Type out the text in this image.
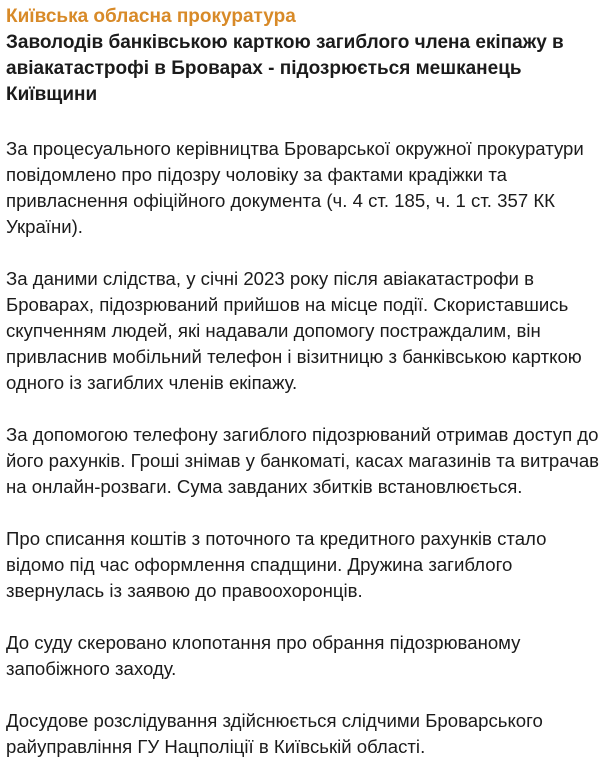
Київська обласна прокуратура
Заволодів банківською карткою загиблого члена екіпажу в авіакатастрофі в Броварах - підозрюється мешканець Київщини

За процесуального керівництва Броварської окружної прокуратури повідомлено про підозру чоловіку за фактами крадіжки та привласнення офіційного документа (ч. 4 ст. 185, ч. 1 ст. 357 КК України).

За даними слідства, у січні 2023 року після авіакатастрофи в Броварах, підозрюваний прийшов на місце події. Скориставшись скупченням людей, які надавали допомогу постраждалим, він привласнив мобільний телефон і візитницю з банківською карткою одного із загиблих членів екіпажу.

За допомогою телефону загиблого підозрюваний отримав доступ до його рахунків. Гроші знімав у банкоматі, касах магазинів та витрачав на онлайн-розваги. Сума завданих збитків встановлюється.

Про списання коштів з поточного та кредитного рахунків стало відомо під час оформлення спадщини. Дружина загиблого звернулась із заявою до правоохоронців.

До суду скеровано клопотання про обрання підозрюваному запобіжного заходу.

Досудове розслідування здійснюється слідчими Броварського райуправління ГУ Нацполіції в Київській області.
